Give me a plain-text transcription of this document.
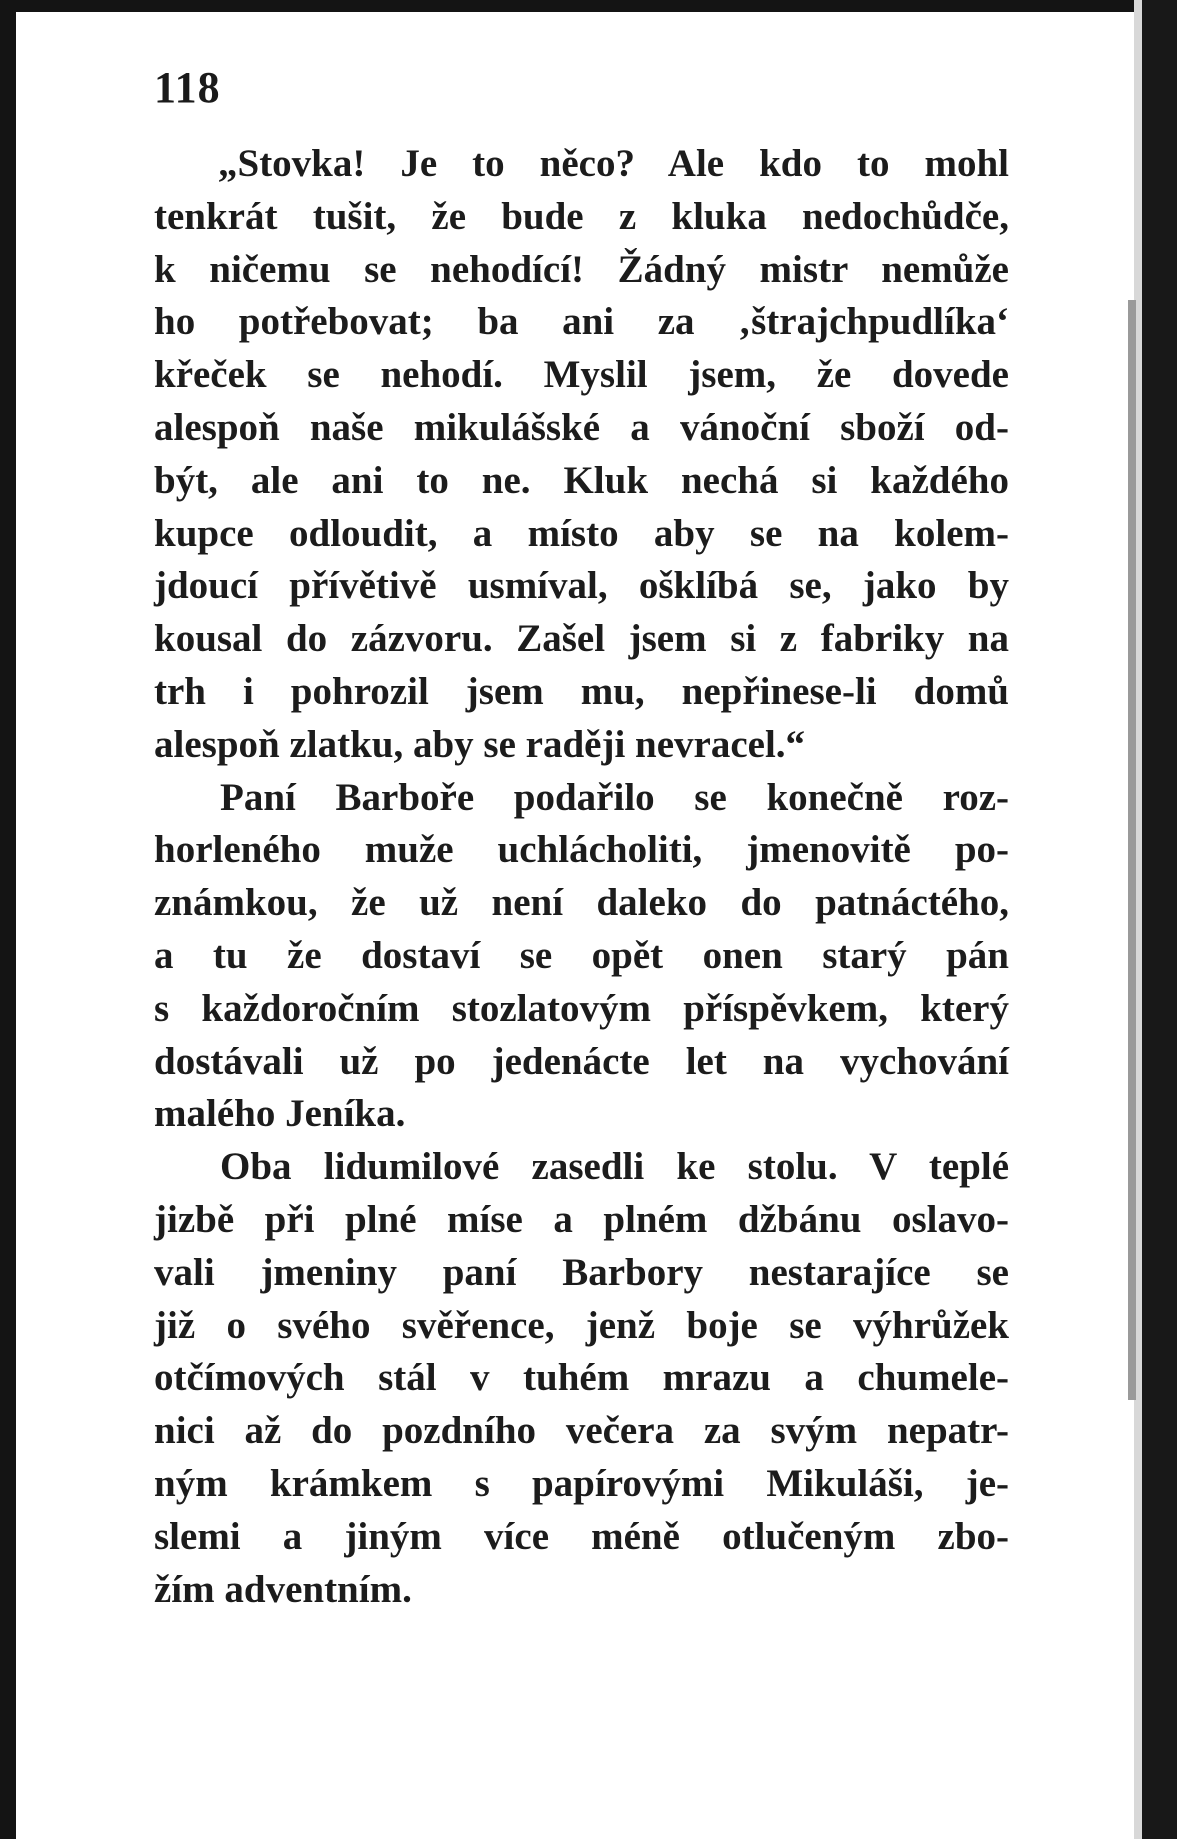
118
„Stovka! Je to něco? Ale kdo to mohl
tenkrát tušit, že bude z kluka nedochůdče,
k ničemu se nehodící! Žádný mistr nemůže
ho potřebovat; ba ani za ‚štrajchpudlíka‘
křeček se nehodí. Myslil jsem, že dovede
alespoň naše mikulášské a vánoční sboží od-
být, ale ani to ne. Kluk nechá si každého
kupce odloudit, a místo aby se na kolem-
jdoucí přívětivě usmíval, ošklíbá se, jako by
kousal do zázvoru. Zašel jsem si z fabriky na
trh i pohrozil jsem mu, nepřinese-li domů
alespoň zlatku, aby se raději nevracel.“
Paní Barboře podařilo se konečně roz-
horleného muže uchlácholiti, jmenovitě po-
známkou, že už není daleko do patnáctého,
a tu že dostaví se opět onen starý pán
s každoročním stozlatovým příspěvkem, který
dostávali už po jedenácte let na vychování
malého Jeníka.
Oba lidumilové zasedli ke stolu. V teplé
jizbě při plné míse a plném džbánu oslavo-
vali jmeniny paní Barbory nestarajíce se
již o svého svěřence, jenž boje se výhrůžek
otčímových stál v tuhém mrazu a chumele-
nici až do pozdního večera za svým nepatr-
ným krámkem s papírovými Mikuláši, je-
slemi a jiným více méně otlučeným zbo-
žím adventním.
